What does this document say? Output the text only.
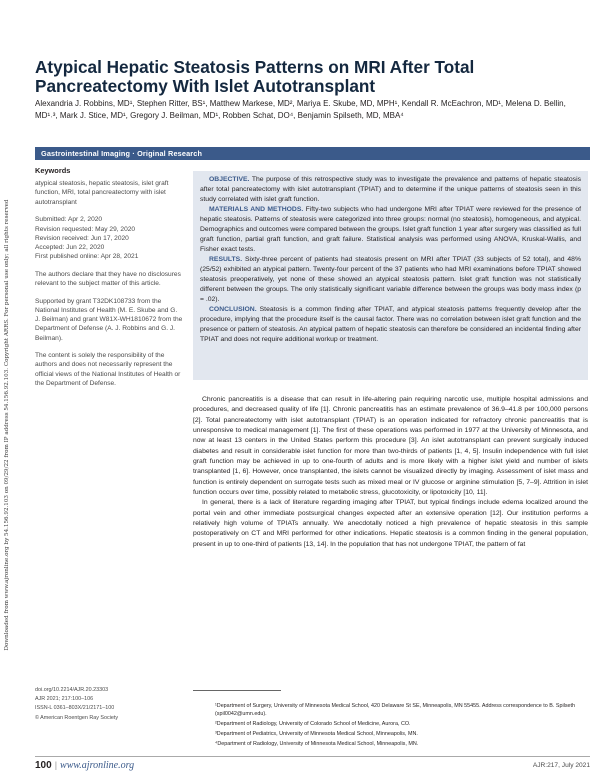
Downloaded from www.ajronline.org by 54.156.92.103 on 09/29/22 from IP address 54.156.92.103. Copyright ARRS. For personal use only; all rights reserved
Atypical Hepatic Steatosis Patterns on MRI After Total Pancreatectomy With Islet Autotransplant
Alexandria J. Robbins, MD¹, Stephen Ritter, BS¹, Matthew Markese, MD², Mariya E. Skube, MD, MPH¹, Kendall R. McEachron, MD¹, Melena D. Bellin, MD¹˒³, Mark J. Stice, MD¹, Gregory J. Beilman, MD¹, Robben Schat, DO⁴, Benjamin Spilseth, MD, MBA⁴
Gastrointestinal Imaging · Original Research
Keywords

atypical steatosis, hepatic steatosis, islet graft function, MRI, total pancreatectomy with islet autotransplant

Submitted: Apr 2, 2020
Revision requested: May 29, 2020
Revision received: Jun 17, 2020
Accepted: Jun 22, 2020
First published online: Apr 28, 2021

The authors declare that they have no disclosures relevant to the subject matter of this article.

Supported by grant T32DK108733 from the National Institutes of Health (M. E. Skube and G. J. Beilman) and grant W81X-WH1810672 from the Department of Defense (A. J. Robbins and G. J. Beilman).

The content is solely the responsibility of the authors and does not necessarily represent the official views of the National Institutes of Health or the Department of Defense.

OBJECTIVE. The purpose of this retrospective study was to investigate the prevalence and patterns of hepatic steatosis after total pancreatectomy with islet autotransplant (TPIAT) and to determine if the unique patterns of steatosis seen in this study correlated with islet graft function.

MATERIALS AND METHODS. Fifty-two subjects who had undergone MRI after TPIAT were reviewed for the presence of hepatic steatosis. Patterns of steatosis were categorized into three groups: normal (no steatosis), homogeneous, and atypical. Demographics and outcomes were compared between the groups. Islet graft function 1 year after surgery was classified as full graft function, partial graft function, and graft failure. Statistical analysis was performed using ANOVA, Kruskal-Wallis, and Fisher exact tests.

RESULTS. Sixty-three percent of patients had steatosis present on MRI after TPIAT (33 subjects of 52 total), and 48% (25/52) exhibited an atypical pattern. Twenty-four percent of the 37 patients who had MRI examinations before TPIAT showed steatosis preoperatively, yet none of these showed an atypical steatosis pattern. Islet graft function was not statistically different between the groups. The only statistically significant variable difference between the groups was body mass index (p = .02).

CONCLUSION. Steatosis is a common finding after TPIAT, and atypical steatosis patterns frequently develop after the procedure, implying that the procedure itself is the causal factor. There was no correlation between islet graft function and the presence or pattern of steatosis. An atypical pattern of hepatic steatosis can therefore be considered an incidental finding after TPIAT and does not require additional workup or treatment.

Chronic pancreatitis is a disease that can result in life-altering pain requiring narcotic use, multiple hospital admissions and procedures, and decreased quality of life [1]. Chronic pancreatitis has an estimate prevalence of 36.9–41.8 per 100,000 persons [2]. Total pancreatectomy with islet autotransplant (TPIAT) is an operation indicated for refractory chronic pancreatitis that is unresponsive to medical management [1]. The first of these operations was performed in 1977 at the University of Minnesota, and now at least 13 centers in the United States perform this procedure [3]. An islet autotransplant can prevent surgically induced diabetes and result in considerable islet function for more than two-thirds of patients [1, 4, 5]. Insulin independence with full islet graft function may be achieved in up to one-fourth of adults and is more likely with a higher islet yield and number of islets transplanted [1, 6]. However, once transplanted, the islets cannot be visualized directly by imaging. Assessment of islet mass and function is entirely dependent on surrogate tests such as mixed meal or IV glucose or arginine stimulation [5, 7–9]. Attrition in islet function occurs over time, possibly related to metabolic stress, glucotoxicity, or lipotoxicity [10, 11].

In general, there is a lack of literature regarding imaging after TPIAT, but typical findings include edema localized around the portal vein and other immediate postsurgical changes expected after an extensive operation [12]. Our institution performs a relatively high volume of TPIATs annually. We anecdotally noticed a high prevalence of hepatic steatosis in this sample postoperatively on CT and MRI performed for other indications. Hepatic steatosis is a common finding in the general population, present in up to one-third of patients [13, 14]. In the population that has not undergone TPIAT, the pattern of fat

doi.org/10.2214/AJR.20.23303
AJR 2021; 217:100–106
ISSN-L 0361–803X/21/2171–100
© American Roentgen Ray Society

¹Department of Surgery, University of Minnesota Medical School, 420 Delaware St SE, Minneapolis, MN 55455. Address correspondence to B. Spilseth (spil0042@umn.edu).

²Department of Radiology, University of Colorado School of Medicine, Aurora, CO.

³Department of Pediatrics, University of Minnesota Medical School, Minneapolis, MN.

⁴Department of Radiology, University of Minnesota Medical School, Minneapolis, MN.

100 | www.ajronline.org	AJR:217, July 2021
